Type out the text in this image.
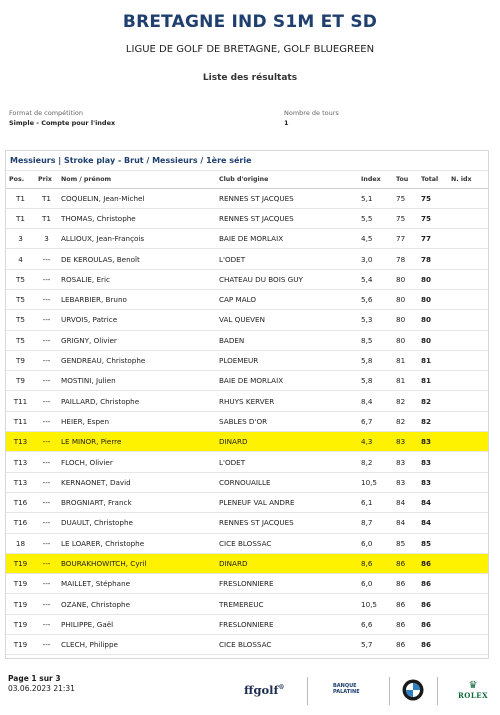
BRETAGNE IND S1M ET SD
LIGUE DE GOLF DE BRETAGNE, GOLF BLUEGREEN
Liste des résultats
Format de compétition
Simple - Compte pour l'index
Nombre de tours
1
Messieurs | Stroke play - Brut / Messieurs / 1ère série
Pos.	Prix	Nom / prénom	Club d'origine	Index	Tou	Total	N. idx
T1	T1	COQUELIN, Jean-Michel	RENNES ST JACQUES	5,1	75	75	
T1	T1	THOMAS, Christophe	RENNES ST JACQUES	5,5	75	75	
3	3	ALLIOUX, Jean-François	BAIE DE MORLAIX	4,5	77	77	
4	---	DE KEROULAS, Benoît	L'ODET	3,0	78	78	
T5	---	ROSALIE, Eric	CHATEAU DU BOIS GUY	5,4	80	80	
T5	---	LEBARBIER, Bruno	CAP MALO	5,6	80	80	
T5	---	URVOIS, Patrice	VAL QUEVEN	5,3	80	80	
T5	---	GRIGNY, Olivier	BADEN	8,5	80	80	
T9	---	GENDREAU, Christophe	PLOEMEUR	5,8	81	81	
T9	---	MOSTINI, Julien	BAIE DE MORLAIX	5,8	81	81	
T11	---	PAILLARD, Christophe	RHUYS KERVER	8,4	82	82	
T11	---	HEIER, Espen	SABLES D'OR	6,7	82	82	
T13	---	LE MINOR, Pierre	DINARD	4,3	83	83	
T13	---	FLOCH, Olivier	L'ODET	8,2	83	83	
T13	---	KERNAONET, David	CORNOUAILLE	10,5	83	83	
T16	---	BROGNIART, Franck	PLENEUF VAL ANDRE	6,1	84	84	
T16	---	DUAULT, Christophe	RENNES ST JACQUES	8,7	84	84	
18	---	LE LOARER, Christophe	CICE BLOSSAC	6,0	85	85	
T19	---	BOURAKHOWITCH, Cyril	DINARD	8,6	86	86	
T19	---	MAILLET, Stéphane	FRESLONNIERE	6,0	86	86	
T19	---	OZANE, Christophe	TREMEREUC	10,5	86	86	
T19	---	PHILIPPE, Gaël	FRESLONNIERE	6,6	86	86	
T19	---	CLECH, Philippe	CICE BLOSSAC	5,7	86	86	

Page 1 sur 3
03.06.2023 21:31	ffgolf®	BANQUE
PALATINE
♛
ROLEX
